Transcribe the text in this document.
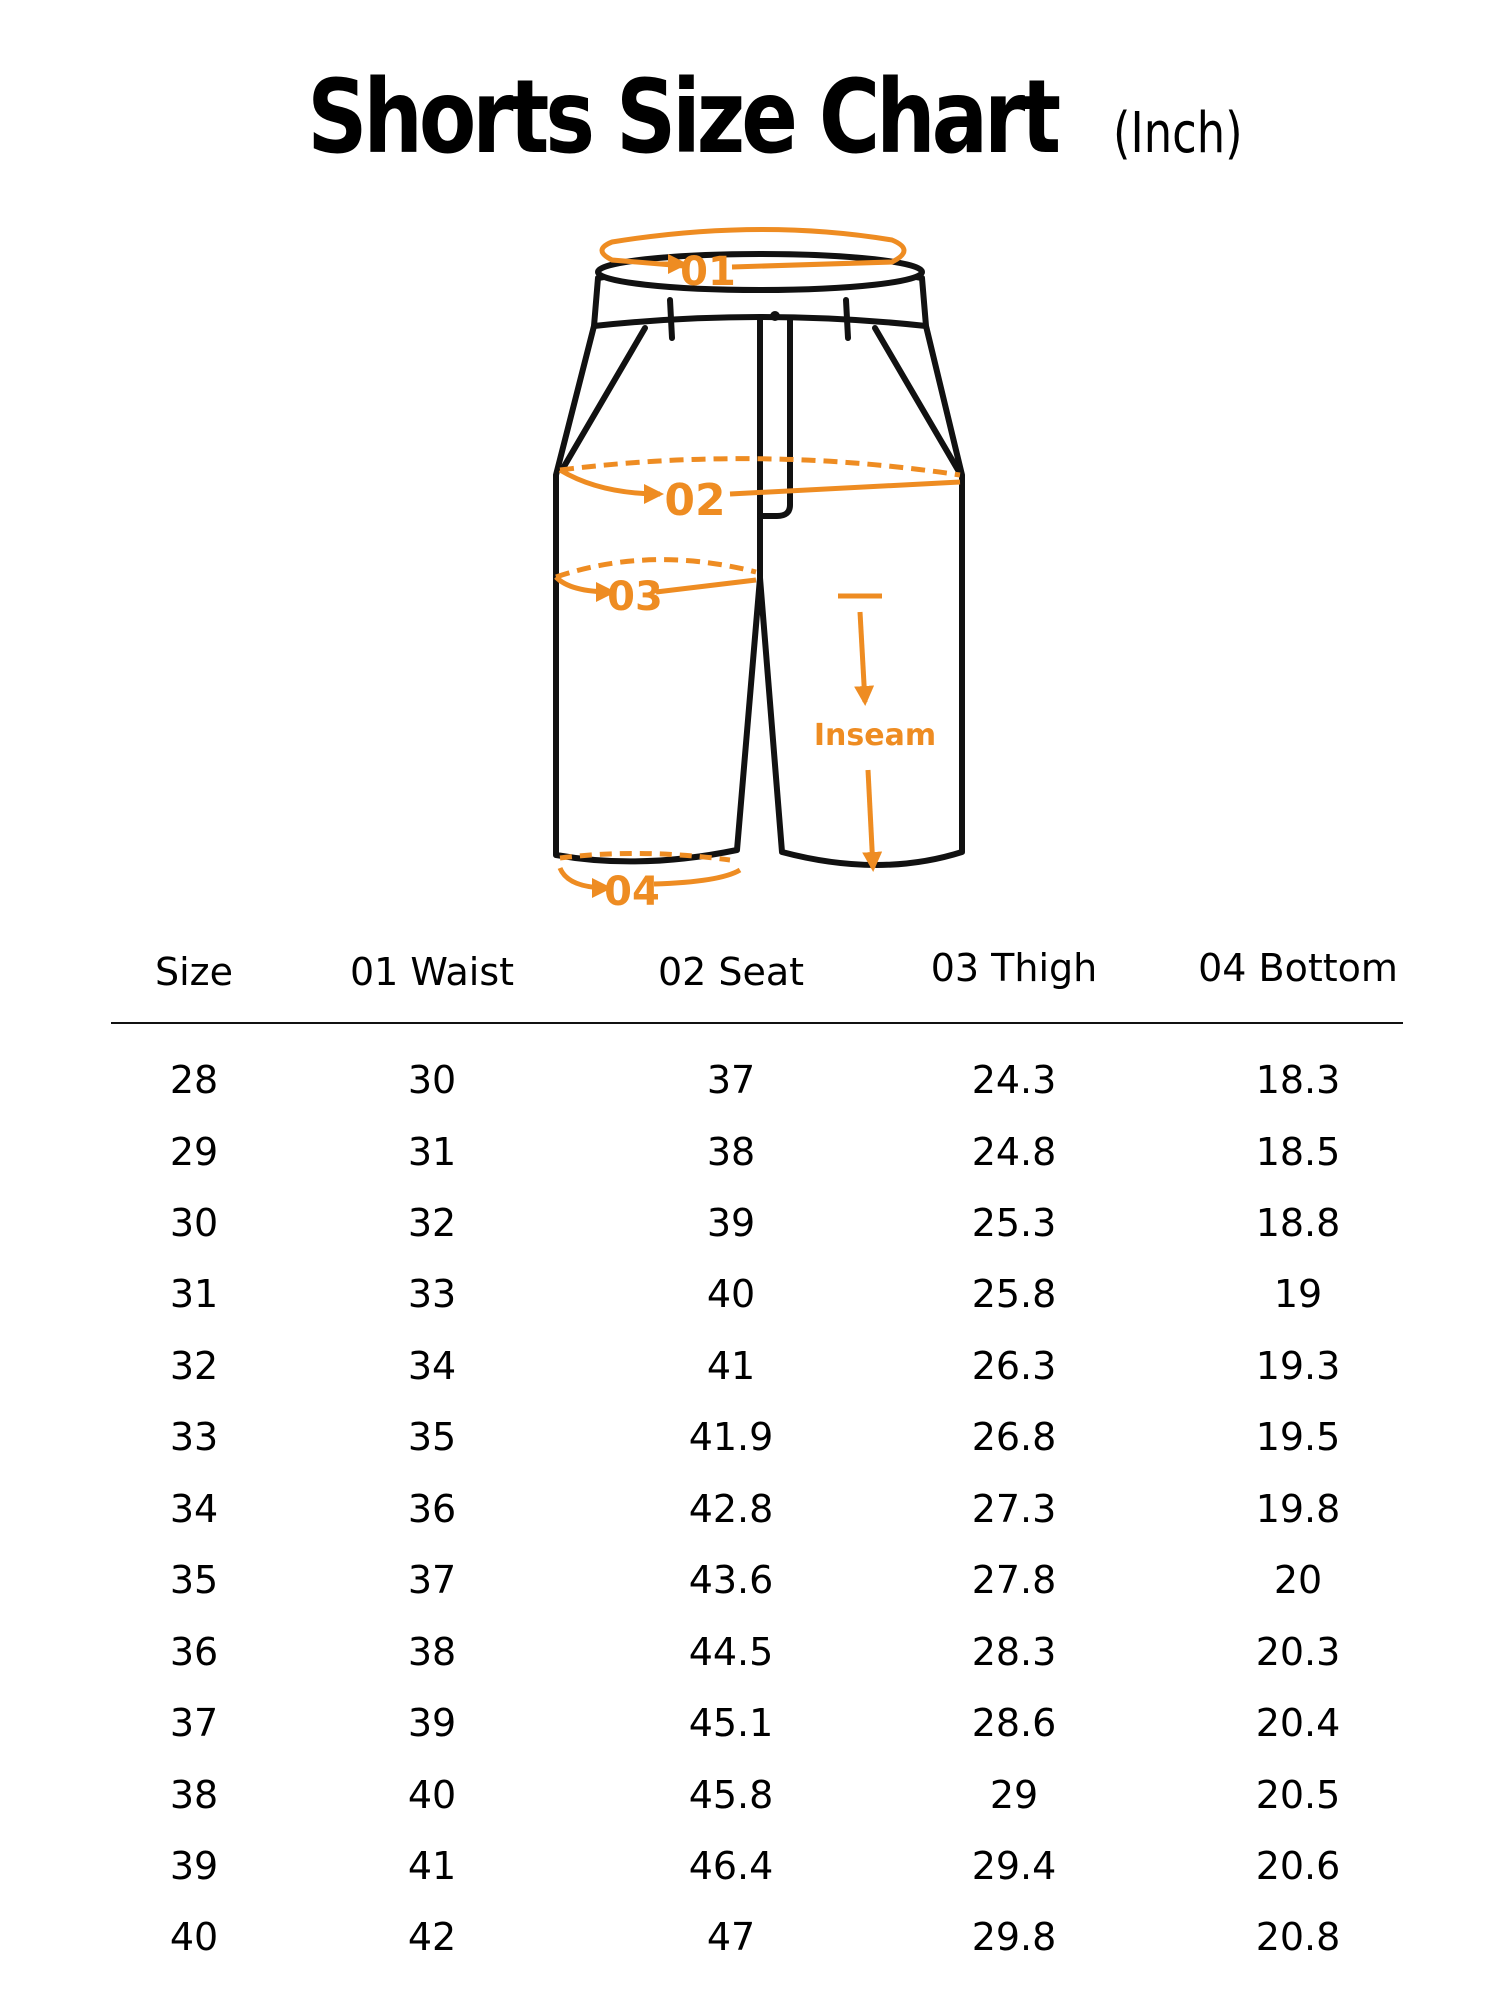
Shorts Size Chart (Inch)
01
02
03
04
Inseam
Size	01 Waist	02 Seat	03 Thigh	04 Bottom
28	30	37	24.3	18.3
29	31	38	24.8	18.5
30	32	39	25.3	18.8
31	33	40	25.8	19
32	34	41	26.3	19.3
33	35	41.9	26.8	19.5
34	36	42.8	27.3	19.8
35	37	43.6	27.8	20
36	38	44.5	28.3	20.3
37	39	45.1	28.6	20.4
38	40	45.8	29	20.5
39	41	46.4	29.4	20.6
40	42	47	29.8	20.8
